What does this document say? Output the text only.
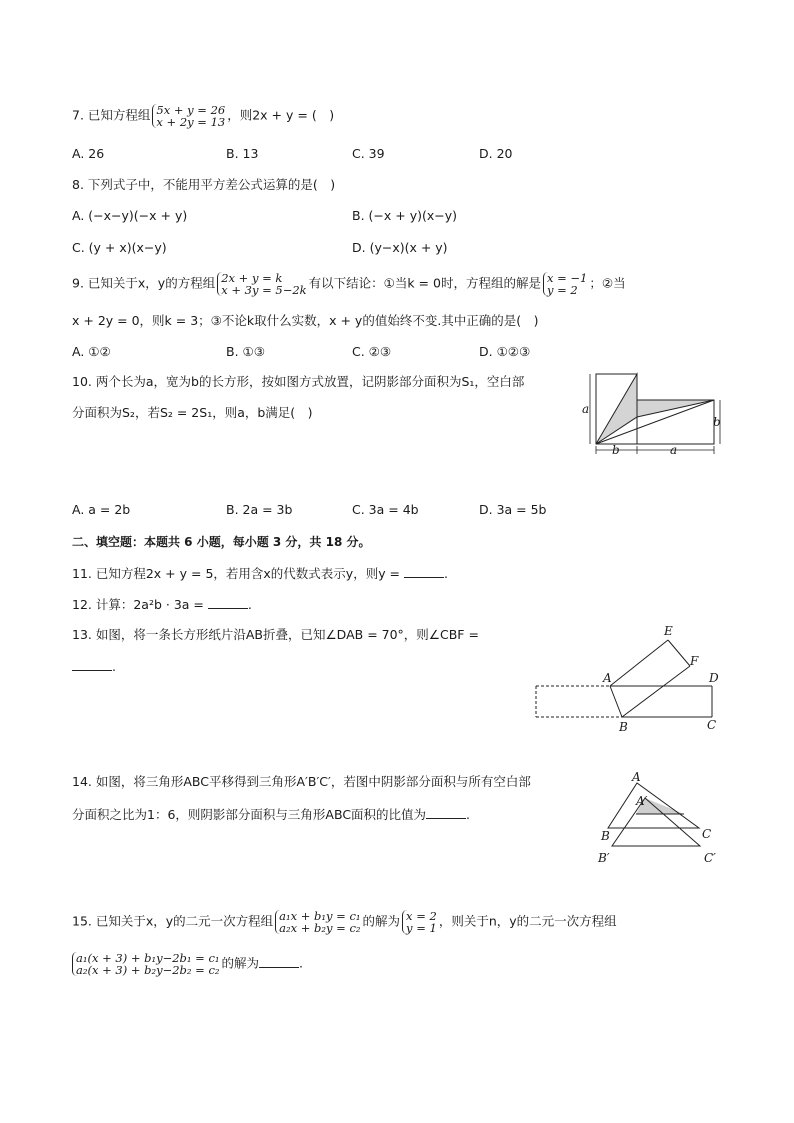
7. 已知方程组 5x + y = 26
x + 2y = 13 ，则2x + y = (　)
A. 26	B. 13	C. 39	D. 20
8. 下列式子中，不能用平方差公式运算的是(　)
A. (−x−y)(−x + y)	B. (−x + y)(x−y)
C. (y + x)(x−y)	D. (y−x)(x + y)
9. 已知关于x，y的方程组 2x + y = k
x + 3y = 5−2k 有以下结论：①当k = 0时，方程组的解是 x = −1
y = 2 ；②当
x + 2y = 0，则k = 3；③不论k取什么实数，x + y的值始终不变.其中正确的是(　)
A. ①②	B. ①③	C. ②③	D. ①②③
10. 两个长为a，宽为b的长方形，按如图方式放置，记阴影部分面积为S₁，空白部
分面积为S₂，若S₂ = 2S₁，则a，b满足(　)	a
b
b	a
A. a = 2b	B. 2a = 3b	C. 3a = 4b	D. 3a = 5b
二、填空题：本题共 6 小题，每小题 3 分，共 18 分。
11. 已知方程2x + y = 5，若用含x的代数式表示y，则y =	.
12. 计算：2a²b · 3a =	.
13. 如图，将一条长方形纸片沿AB折叠，已知∠DAB = 70°，则∠CBF =
.
E
F
A	D
B	C
14. 如图，将三角形ABC平移得到三角形A′B′C′，若图中阴影部分面积与所有空白部
分面积之比为1：6，则阴影部分面积与三角形ABC面积的比值为	.
A
A′
B	C
B′	C′
15. 已知关于x，y的二元一次方程组 a₁x + b₁y = c₁
a₂x + b₂y = c₂ 的解为 x = 2
y = 1 ，则关于n，y的二元一次方程组
a₁(x + 3) + b₁y−2b₁ = c₁
a₂(x + 3) + b₂y−2b₂ = c₂ 的解为	.
